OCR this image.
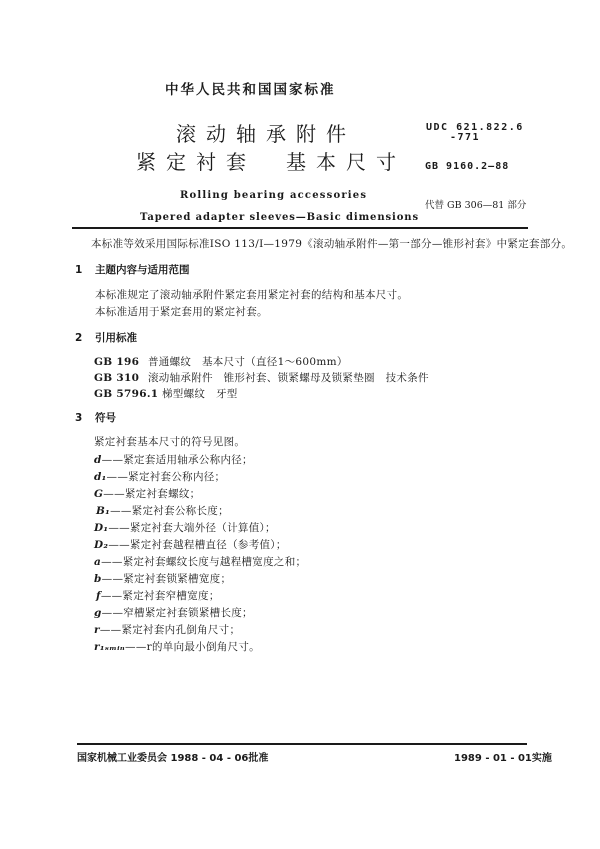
中华人民共和国国家标准
滚动轴承附件
紧定衬套　基本尺寸
Rolling bearing accessories
Tapered adapter sleeves—Basic dimensions
UDC 621.822.6
-771
GB 9160.2—88
代替 GB 306—81 部分
本标准等效采用国际标准ISO 113/Ⅰ—1979《滚动轴承附件—第一部分—锥形衬套》中紧定套部分。
1 主题内容与适用范围
本标准规定了滚动轴承附件紧定套用紧定衬套的结构和基本尺寸。
本标准适用于紧定套用的紧定衬套。
2 引用标准
GB 196 普通螺纹　基本尺寸（直径1～600mm）
GB 310 滚动轴承附件　锥形衬套、锁紧螺母及锁紧垫圈　技术条件
GB 5796.1 梯型螺纹　牙型
3 符号
紧定衬套基本尺寸的符号见图。
d——紧定套适用轴承公称内径；
d₁——紧定衬套公称内径；
G——紧定衬套螺纹；
B₁——紧定衬套公称长度；
D₁——紧定衬套大端外径（计算值）；
D₂——紧定衬套越程槽直径（参考值）；
a——紧定衬套螺纹长度与越程槽宽度之和；
b——紧定衬套锁紧槽宽度；
f——紧定衬套窄槽宽度；
g——窄槽紧定衬套锁紧槽长度；
r——紧定衬套内孔倒角尺寸；
r₁ₛₘᵢₙ——r的单向最小倒角尺寸。
国家机械工业委员会 1988 - 04 - 06批准	1989 - 01 - 01实施
